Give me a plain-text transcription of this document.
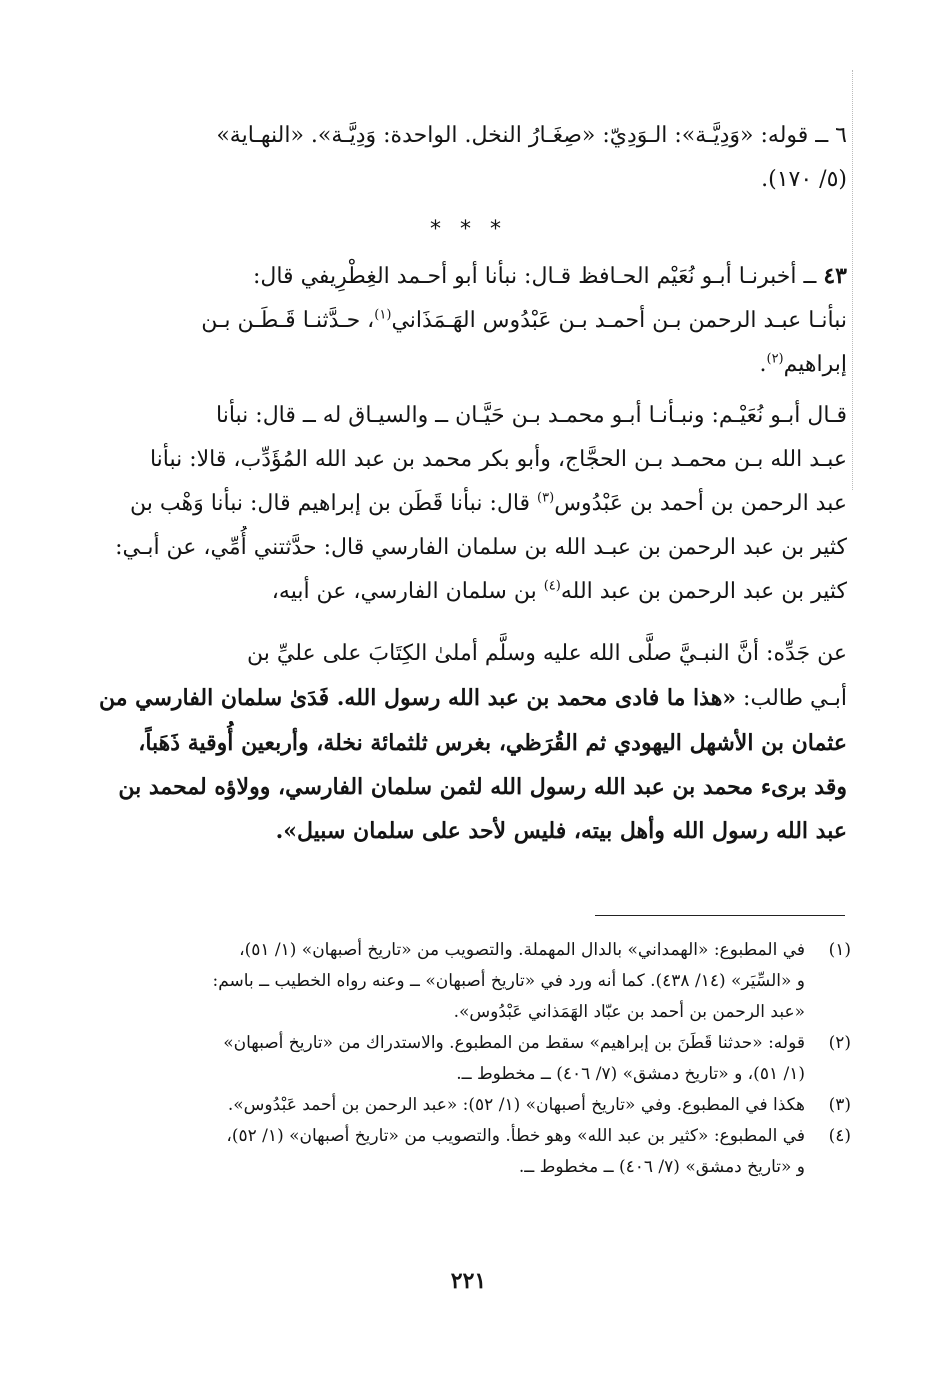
٦ ــ قوله: «وَدِيَّـة»: الـوَدِيّ: «صِغَـارُ النخل. الواحدة: وَدِيَّـة». «النهـاية»
(٥/ ١٧٠).
* * *
٤٣ ــ أخبرنـا أبـو نُعَيْم الحـافظ قـال: نبأنا أبو أحـمد الغِطْرِيفي قال:
نبأنـا عبـد الرحمن بـن أحمـد بـن عَبْدُوس الهَـمَذَاني$^{(١)}$، حـدَّثنـا قَـطَـن بـن
إبراهيم$^{(٢)}$.
قـال أبـو نُعَيْـم: ونبـأنـا أبـو محمـد بـن حَيَّـان ــ والسيـاق له ــ قال: نبأنا
عبـد الله بـن محمـد بـن الحجَّاج، وأبو بكر محمد بن عبد الله المُؤَدِّب، قالا: نبأنا
عبد الرحمن بن أحمد بن عَبْدُوس$^{(٣)}$ قال: نبأنا قَطَن بن إبراهيم قال: نبأنا وَهْب بن
كثير بن عبد الرحمن بن عبـد الله بن سلمان الفارسي قال: حدَّثتني أُمِّي، عن أبـي:
كثير بن عبد الرحمن بن عبد الله$^{(٤)}$ بن سلمان الفارسي، عن أبيه،
عن جَدِّه: أنَّ النبـيَّ صلَّى الله عليه وسلَّم أملىٰ الكِتَابَ على عليِّ بن
أبـي طالب: «هذا ما فادى محمد بن عبد الله رسول الله. فَدَىٰ سلمان الفارسي من
عثمان بن الأشهل اليهودي ثم القُرَظي، بغرس ثلثمائة نخلة، وأربعين أُوقية ذَهَباً،
وقد برىء محمد بن عبد الله رسول الله لثمن سلمان الفارسي، وولاؤه لمحمد بن
عبد الله رسول الله وأهل بيته، فليس لأحد على سلمان سبيل».
(١)
في المطبوع: «الهمداني» بالدال المهملة. والتصويب من «تاريخ أصبهان» (١/ ٥١)،
و «السِّيَر» (١٤/ ٤٣٨). كما أنه ورد في «تاريخ أصبهان» ــ وعنه رواه الخطيب ــ باسم:
«عبد الرحمن بن أحمد بن عبّاد الهَمَذاني عَبْدُوس».
(٢)
قوله: «حدثنا قَطَنَ بن إبراهيم» سقط من المطبوع. والاستدراك من «تاريخ أصبهان»
(١/ ٥١)، و «تاريخ دمشق» (٧/ ٤٠٦) ــ مخطوط ــ.
(٣)
هكذا في المطبوع. وفي «تاريخ أصبهان» (١/ ٥٢): «عبد الرحمن بن أحمد عَبْدُوس».
(٤)
في المطبوع: «كثير بن عبد الله» وهو خطأ. والتصويب من «تاريخ أصبهان» (١/ ٥٢)،
و «تاريخ دمشق» (٧/ ٤٠٦) ــ مخطوط ــ.
٢٢١
